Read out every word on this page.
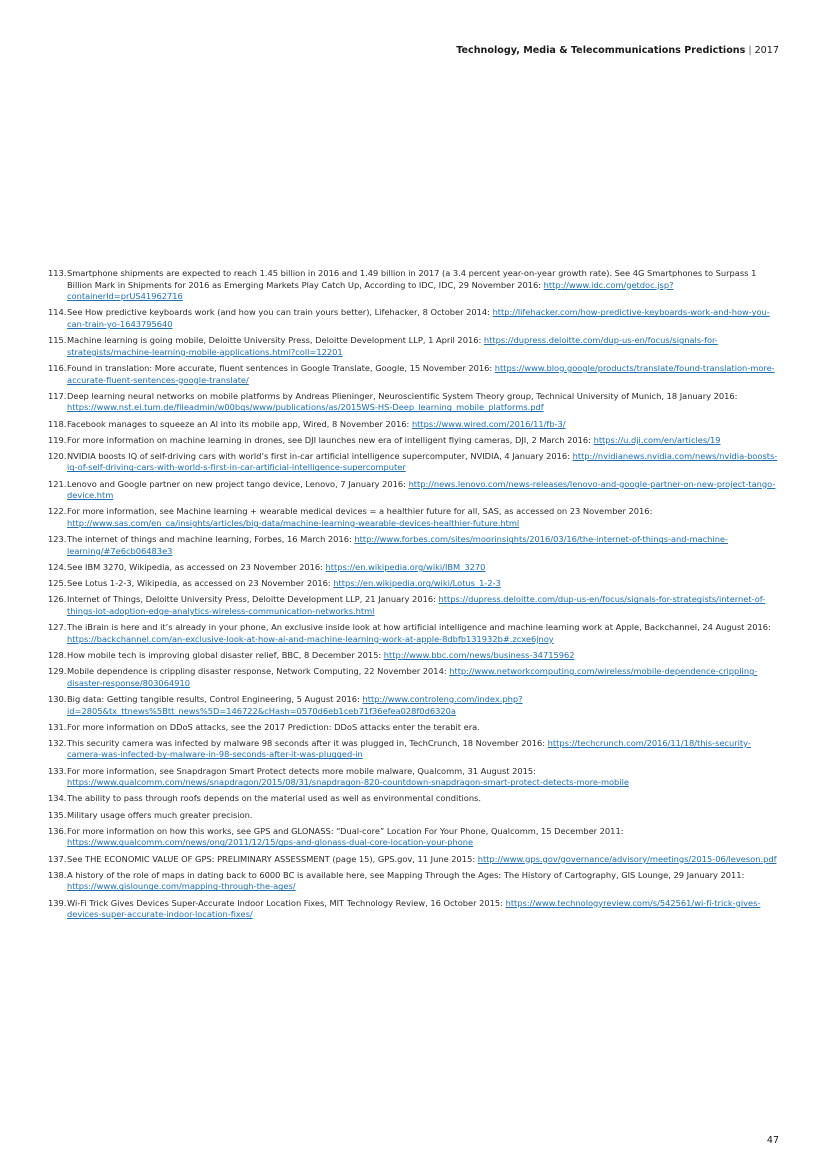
Technology, Media & Telecommunications Predictions | 2017
113 . Smartphone shipments are expected to reach 1.45 billion in 2016 and 1.49 billion in 2017 (a 3.4 percent year-on-year growth rate). See 4G Smartphones to Surpass 1 Billion Mark in Shipments for 2016 as Emerging Markets Play Catch Up, According to IDC, IDC, 29 November 2016: http://www.idc.com/getdoc.jsp?containerId=prUS41962716
114 . See How predictive keyboards work (and how you can train yours better), Lifehacker, 8 October 2014: http://lifehacker.com/how-predictive-keyboards-work-and-how-you-can-train-yo-1643795640
115 . Machine learning is going mobile, Deloitte University Press, Deloitte Development LLP, 1 April 2016: https://dupress.deloitte.com/dup-us-en/focus/signals-for-strategists/machine-learning-mobile-applications.html?coll=12201
116 . Found in translation: More accurate, fluent sentences in Google Translate, Google, 15 November 2016: https://www.blog.google/products/translate/found-translation-more-accurate-fluent-sentences-google-translate/
117 . Deep learning neural networks on mobile platforms by Andreas Plieninger, Neuroscientific System Theory group, Technical University of Munich, 18 January 2016: https://www.nst.ei.tum.de/fileadmin/w00bqs/www/publications/as/2015WS-HS-Deep_learning_mobile_platforms.pdf
118 . Facebook manages to squeeze an AI into its mobile app, Wired, 8 November 2016: https://www.wired.com/2016/11/fb-3/
119 . For more information on machine learning in drones, see DJI launches new era of intelligent flying cameras, DJI, 2 March 2016: https://u.dji.com/en/articles/19
120 . NVIDIA boosts IQ of self-driving cars with world’s first in-car artificial intelligence supercomputer, NVIDIA, 4 January 2016: http://nvidianews.nvidia.com/news/nvidia-boosts-iq-of-self-driving-cars-with-world-s-first-in-car-artificial-intelligence-supercomputer
121 . Lenovo and Google partner on new project tango device, Lenovo, 7 January 2016: http://news.lenovo.com/news-releases/lenovo-and-google-partner-on-new-project-tango-device.htm
122 . For more information, see Machine learning + wearable medical devices = a healthier future for all, SAS, as accessed on 23 November 2016: http://www.sas.com/en_ca/insights/articles/big-data/machine-learning-wearable-devices-healthier-future.html
123 . The internet of things and machine learning, Forbes, 16 March 2016: http://www.forbes.com/sites/moorinsights/2016/03/16/the-internet-of-things-and-machine-learning/#7e6cb06483e3
124 . See IBM 3270, Wikipedia, as accessed on 23 November 2016: https://en.wikipedia.org/wiki/IBM_3270
125 . See Lotus 1-2-3, Wikipedia, as accessed on 23 November 2016: https://en.wikipedia.org/wiki/Lotus_1-2-3
126 . Internet of Things, Deloitte University Press, Deloitte Development LLP, 21 January 2016: https://dupress.deloitte.com/dup-us-en/focus/signals-for-strategists/internet-of-things-iot-adoption-edge-analytics-wireless-communication-networks.html
127 . The iBrain is here and it’s already in your phone, An exclusive inside look at how artificial intelligence and machine learning work at Apple, Backchannel, 24 August 2016: https://backchannel.com/an-exclusive-look-at-how-ai-and-machine-learning-work-at-apple-8dbfb131932b#.zcxe6jnoy
128 . How mobile tech is improving global disaster relief, BBC, 8 December 2015: http://www.bbc.com/news/business-34715962
129 . Mobile dependence is crippling disaster response, Network Computing, 22 November 2014: http://www.networkcomputing.com/wireless/mobile-dependence-crippling-disaster-response/803064910
130 . Big data: Getting tangible results, Control Engineering, 5 August 2016: http://www.controleng.com/index.php?id=2805&tx_ttnews%5Btt_news%5D=146722&cHash=0570d6eb1ceb71f36efea028f0d6320a
131 . For more information on DDoS attacks, see the 2017 Prediction: DDoS attacks enter the terabit era.
132 . This security camera was infected by malware 98 seconds after it was plugged in, TechCrunch, 18 November 2016: https://techcrunch.com/2016/11/18/this-security-camera-was-infected-by-malware-in-98-seconds-after-it-was-plugged-in
133 . For more information, see Snapdragon Smart Protect detects more mobile malware, Qualcomm, 31 August 2015: https://www.qualcomm.com/news/snapdragon/2015/08/31/snapdragon-820-countdown-snapdragon-smart-protect-detects-more-mobile
134 . The ability to pass through roofs depends on the material used as well as environmental conditions.
135 . Military usage offers much greater precision.
136 . For more information on how this works, see GPS and GLONASS: “Dual-core” Location For Your Phone, Qualcomm, 15 December 2011: https://www.qualcomm.com/news/onq/2011/12/15/gps-and-glonass-dual-core-location-your-phone
137 . See THE ECONOMIC VALUE OF GPS: PRELIMINARY ASSESSMENT (page 15), GPS.gov, 11 June 2015: http://www.gps.gov/governance/advisory/meetings/2015-06/leveson.pdf
138 . A history of the role of maps in dating back to 6000 BC is available here, see Mapping Through the Ages: The History of Cartography, GIS Lounge, 29 January 2011: https://www.gislounge.com/mapping-through-the-ages/
139 . Wi-Fi Trick Gives Devices Super-Accurate Indoor Location Fixes, MIT Technology Review, 16 October 2015: https://www.technologyreview.com/s/542561/wi-fi-trick-gives-devices-super-accurate-indoor-location-fixes/
47
